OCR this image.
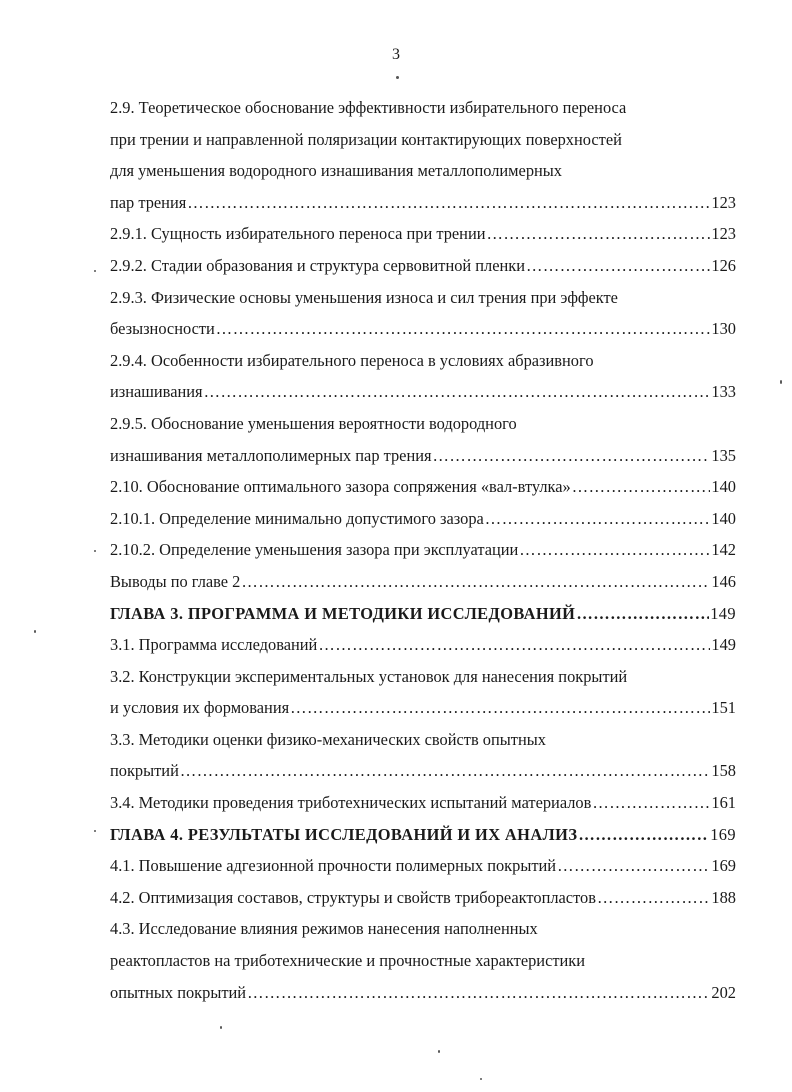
3
2.9. Теоретическое обоснование эффективности избирательного переноса
при трении и направленной поляризации контактирующих поверхностей
для уменьшения водородного изнашивания металлополимерных
пар трения …………………………………………………………………………………………………………………………………………………………………………………………………………	123
2.9.1. Сущность избирательного переноса при трении …………………………………………………………………………………………………………………………………………………………………………………………………………	123
2.9.2. Стадии образования и структура сервовитной пленки …………………………………………………………………………………………………………………………………………………………………………………………………………	126
2.9.3. Физические основы уменьшения износа и сил трения при эффекте
безызносности …………………………………………………………………………………………………………………………………………………………………………………………………………	130
2.9.4. Особенности избирательного переноса в условиях абразивного
изнашивания …………………………………………………………………………………………………………………………………………………………………………………………………………	133
2.9.5. Обоснование уменьшения вероятности водородного
изнашивания металлополимерных пар трения …………………………………………………………………………………………………………………………………………………………………………………………………………	135
2.10. Обоснование оптимального зазора сопряжения «вал-втулка» …………………………………………………………………………………………………………………………………………………………………………………………………………	140
2.10.1. Определение минимально допустимого зазора …………………………………………………………………………………………………………………………………………………………………………………………………………	140
2.10.2. Определение уменьшения зазора при эксплуатации …………………………………………………………………………………………………………………………………………………………………………………………………………	142
Выводы по главе 2 …………………………………………………………………………………………………………………………………………………………………………………………………………	146
ГЛАВА 3. ПРОГРАММА И МЕТОДИКИ ИССЛЕДОВАНИЙ …………………………………………………………………………………………………………………………………………………………………………………………………………	149
3.1. Программа исследований …………………………………………………………………………………………………………………………………………………………………………………………………………	149
3.2. Конструкции экспериментальных установок для нанесения покрытий
и условия их формования …………………………………………………………………………………………………………………………………………………………………………………………………………	151
3.3. Методики оценки физико-механических свойств опытных
покрытий …………………………………………………………………………………………………………………………………………………………………………………………………………	158
3.4. Методики проведения триботехнических испытаний материалов …………………………………………………………………………………………………………………………………………………………………………………………………………	161
ГЛАВА 4. РЕЗУЛЬТАТЫ ИССЛЕДОВАНИЙ И ИХ АНАЛИЗ …………………………………………………………………………………………………………………………………………………………………………………………………………	169
4.1. Повышение адгезионной прочности полимерных покрытий …………………………………………………………………………………………………………………………………………………………………………………………………………	169
4.2. Оптимизация составов, структуры и свойств трибореактопластов …………………………………………………………………………………………………………………………………………………………………………………………………………	188
4.3. Исследование влияния режимов нанесения наполненных
реактопластов на триботехнические и прочностные характеристики
опытных покрытий …………………………………………………………………………………………………………………………………………………………………………………………………………	202
